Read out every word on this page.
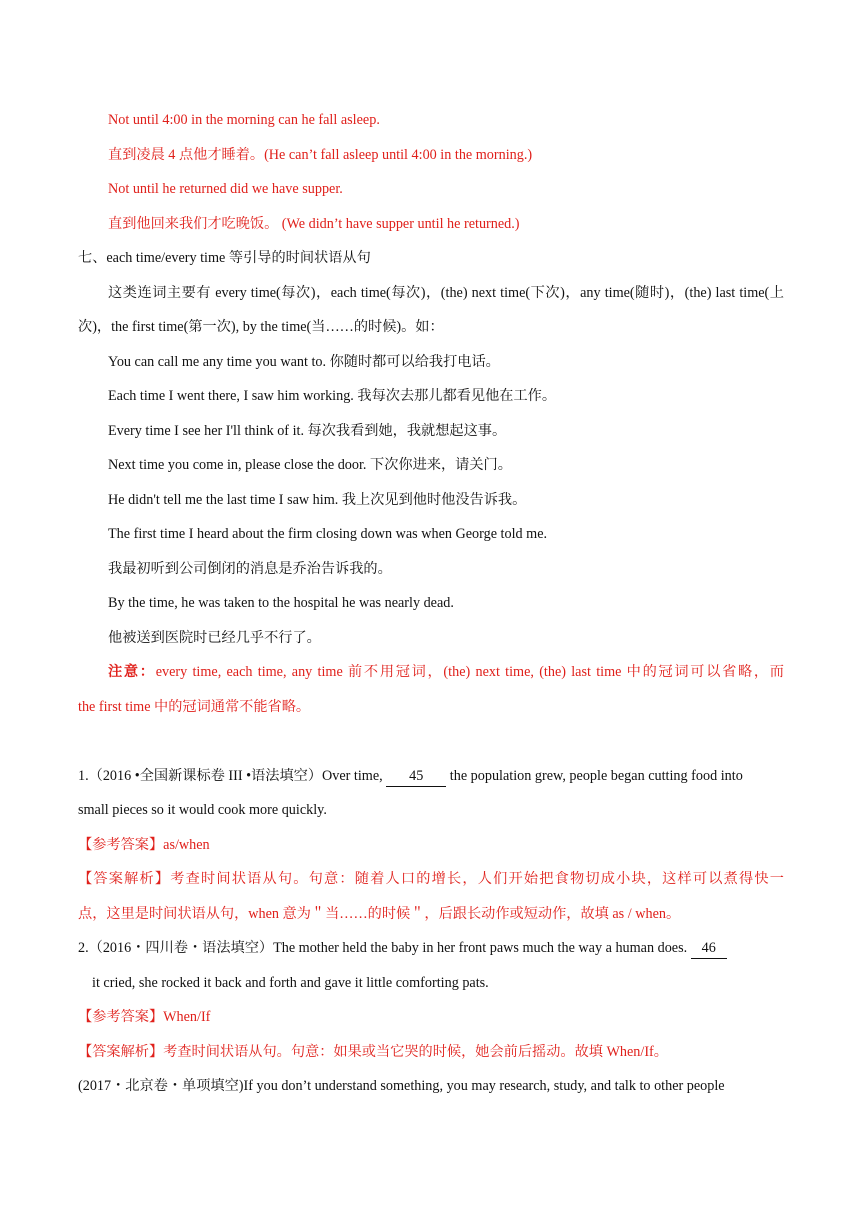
Not until 4:00 in the morning can he fall asleep.
直到凌晨 4 点他才睡着。(He can’t fall asleep until 4:00 in the morning.)
Not until he returned did we have supper.
直到他回来我们才吃晚饭。 (We didn’t have supper until he returned.)
七、each time/every time 等引导的时间状语从句
这类连词主要有 every time(每次)，each time(每次)，(the) next time(下次)，any time(随时)，(the) last time(上
次)，the first time(第一次), by the time(当……的时候)。如：
You can call me any time you want to. 你随时都可以给我打电话。
Each time I went there, I saw him working. 我每次去那儿都看见他在工作。
Every time I see her I'll think of it. 每次我看到她，我就想起这事。
Next time you come in, please close the door. 下次你进来，请关门。
He didn't tell me the last time I saw him. 我上次见到他时他没告诉我。
The first time I heard about the firm closing down was when George told me.
我最初听到公司倒闭的消息是乔治告诉我的。
By the time, he was taken to the hospital he was nearly dead.
他被送到医院时已经几乎不行了。
注意：every time, each time, any time 前不用冠词，(the) next time, (the) last time 中的冠词可以省略，而
the first time 中的冠词通常不能省略。
1.（2016 •全国新课标卷 III •语法填空）Over time, 45 the population grew, people began cutting food into
small pieces so it would cook more quickly.
【参考答案】as/when
【答案解析】考查时间状语从句。句意：随着人口的增长，人们开始把食物切成小块，这样可以煮得快一
点，这里是时间状语从句，when 意为＂当……的时候＂，后跟长动作或短动作，故填 as / when。
2.（2016・四川卷・语法填空）The mother held the baby in her front paws much the way a human does. 46
it cried, she rocked it back and forth and gave it little comforting pats.
【参考答案】When/If
【答案解析】考查时间状语从句。句意：如果或当它哭的时候，她会前后摇动。故填 When/If。
(2017・北京卷・单项填空)If you don’t understand something, you may research, study, and talk to other people
